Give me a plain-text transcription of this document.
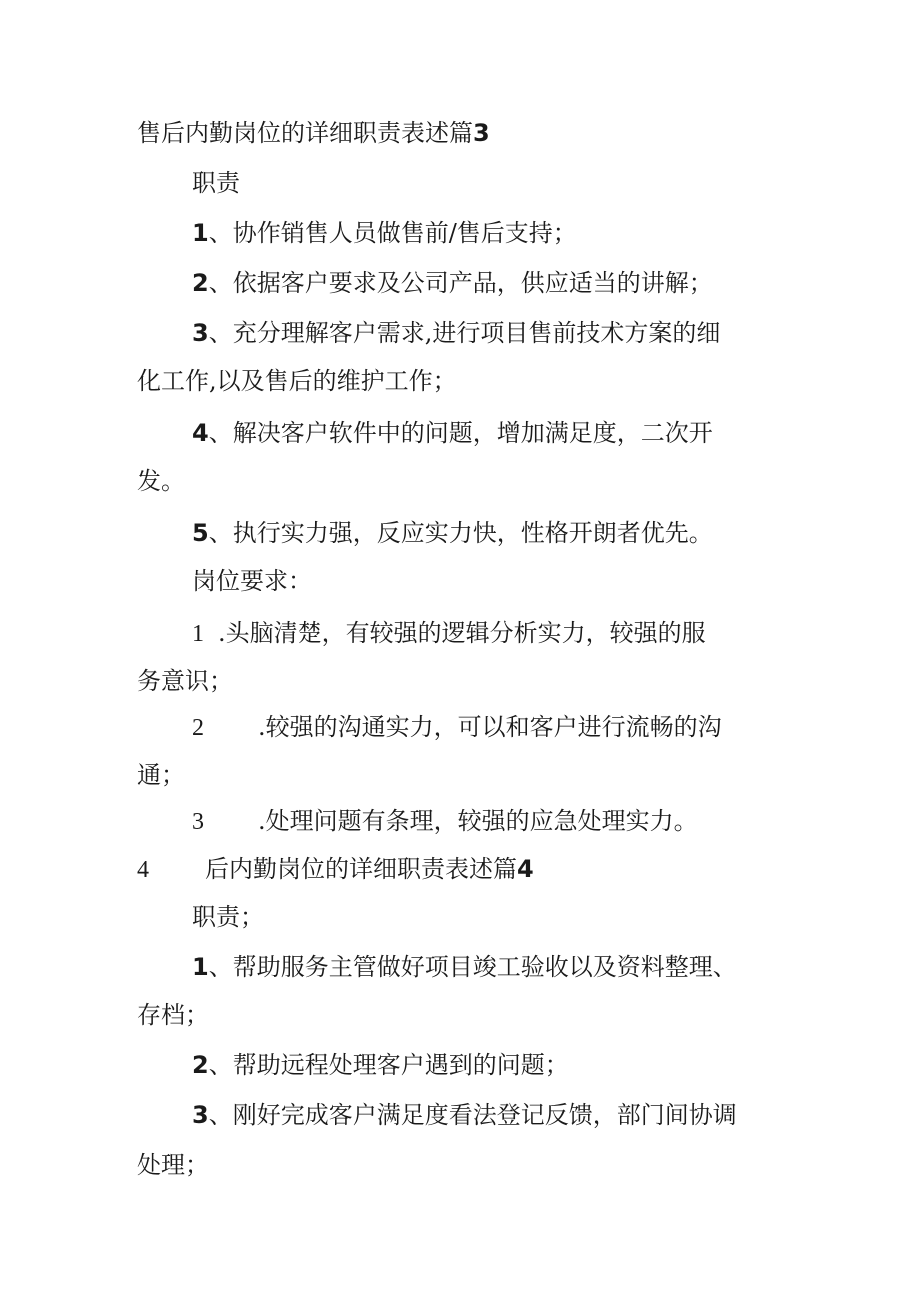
售后内勤岗位的详细职责表述篇3
职责
1、协作销售人员做售前/售后支持；
2、依据客户要求及公司产品，供应适当的讲解；
3、充分理解客户需求,进行项目售前技术方案的细
化工作,以及售后的维护工作；
4、解决客户软件中的问题，增加满足度，二次开
发。
5、执行实力强，反应实力快，性格开朗者优先。
岗位要求：
1 .头脑清楚，有较强的逻辑分析实力，较强的服
务意识；
2 .较强的沟通实力，可以和客户进行流畅的沟
通；
3 .处理问题有条理，较强的应急处理实力。
4 后内勤岗位的详细职责表述篇4
职责；
1、帮助服务主管做好项目竣工验收以及资料整理、
存档；
2、帮助远程处理客户遇到的问题；
3、刚好完成客户满足度看法登记反馈，部门间协调
处理；
